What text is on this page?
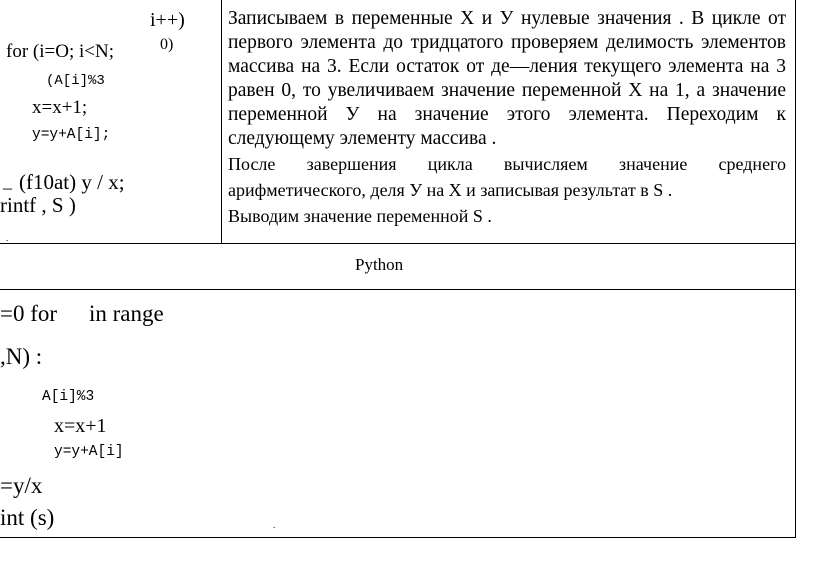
i++)
for (i=O; i<N;	0)
(A[i]%3
x=x+1;
y=y+A[i];
_ (f10at) y / x;
rintf , S )
.

Записываем в переменные Х и У нулевые значения . В цикле от первого элемента до тридцатого проверяем делимость элементов массива на 3. Если остаток от де—ления текущего элемента на 3 равен 0, то увеличиваем значение переменной Х на 1, а значение переменной У на значение этого элемента. Переходим к следующему элементу массива .

После завершения цикла вычисляем значение среднего

арифметического, деля У на Х и записывая результат в S .

Выводим значение переменной S .

Python
=0 for in range
,N) :
A[i]%3
x=x+1
y=y+A[i]
=y/x
int (s)	.
